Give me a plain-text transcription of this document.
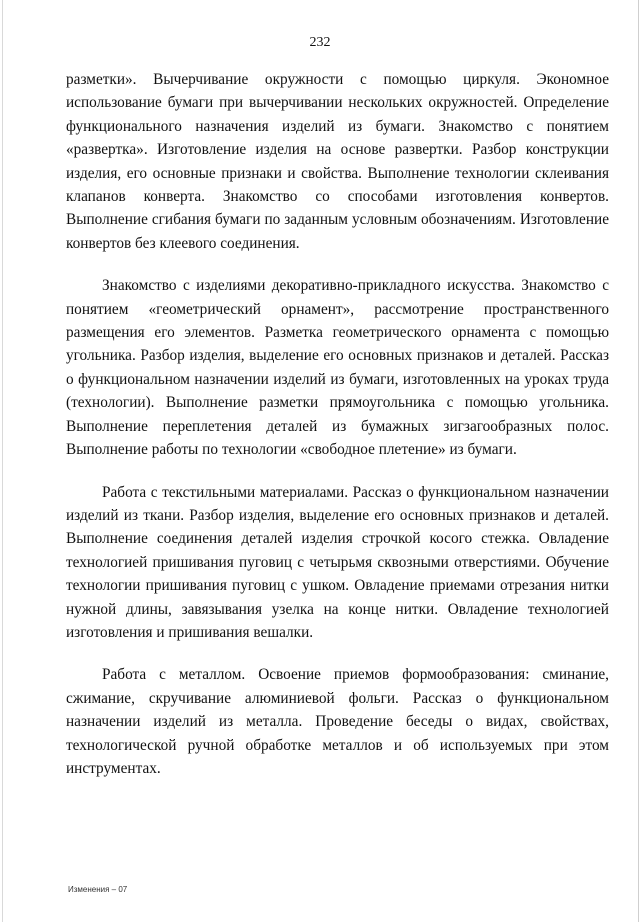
232

разметки». Вычерчивание окружности с помощью циркуля. Экономное использование бумаги при вычерчивании нескольких окружностей. Определение функционального назначения изделий из бумаги. Знакомство с понятием «развертка». Изготовление изделия на основе развертки. Разбор конструкции изделия, его основные признаки и свойства. Выполнение технологии склеивания клапанов конверта. Знакомство со способами изготовления конвертов. Выполнение сгибания бумаги по заданным условным обозначениям. Изготовление конвертов без клеевого соединения.

Знакомство с изделиями декоративно-прикладного искусства. Знакомство с понятием «геометрический орнамент», рассмотрение пространственного размещения его элементов. Разметка геометрического орнамента с помощью угольника. Разбор изделия, выделение его основных признаков и деталей. Рассказ о функциональном назначении изделий из бумаги, изготовленных на уроках труда (технологии). Выполнение разметки прямоугольника с помощью угольника. Выполнение переплетения деталей из бумажных зигзагообразных полос. Выполнение работы по технологии «свободное плетение» из бумаги.

Работа с текстильными материалами. Рассказ о функциональном назначении изделий из ткани. Разбор изделия, выделение его основных признаков и деталей. Выполнение соединения деталей изделия строчкой косого стежка. Овладение технологией пришивания пуговиц с четырьмя сквозными отверстиями. Обучение технологии пришивания пуговиц с ушком. Овладение приемами отрезания нитки нужной длины, завязывания узелка на конце нитки. Овладение технологией изготовления и пришивания вешалки.

Работа с металлом. Освоение приемов формообразования: сминание, сжимание, скручивание алюминиевой фольги. Рассказ о функциональном назначении изделий из металла. Проведение беседы о видах, свойствах, технологической ручной обработке металлов и об используемых при этом инструментах.

Изменения – 07
